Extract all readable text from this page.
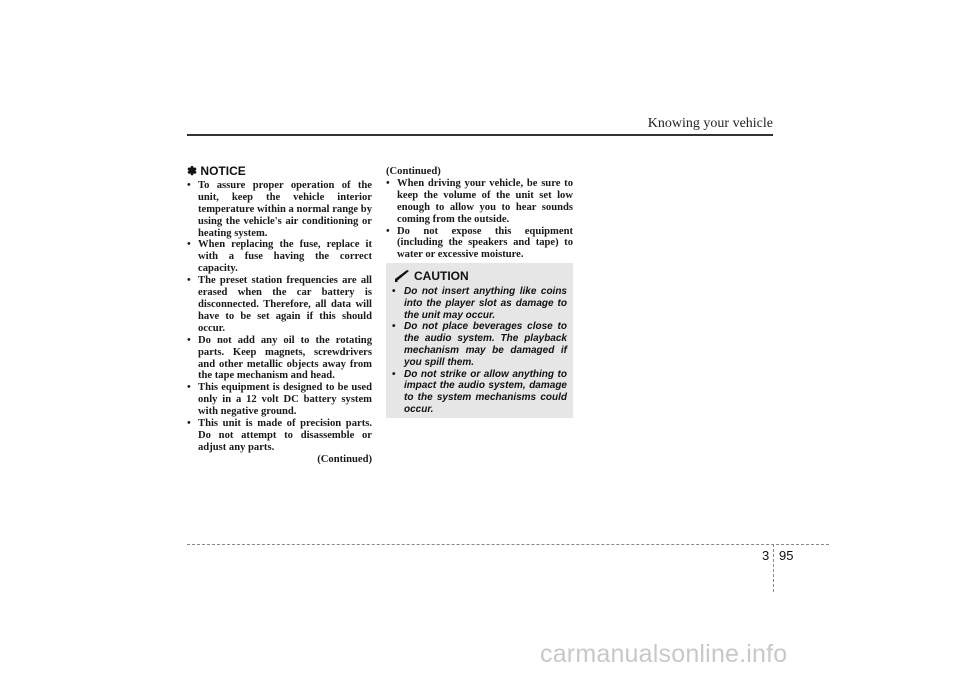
Knowing your vehicle
✽ NOTICE
• To assure proper operation of the unit, keep the vehicle interior temperature within a normal range by using the vehicle's air conditioning or heating system.
• When replacing the fuse, replace it with a fuse having the correct capacity.
• The preset station frequencies are all erased when the car battery is disconnected. Therefore, all data will have to be set again if this should occur.
• Do not add any oil to the rotating parts. Keep magnets, screwdrivers and other metallic objects away from the tape mechanism and head.
• This equipment is designed to be used only in a 12 volt DC battery system with negative ground.
• This unit is made of precision parts. Do not attempt to disassemble or adjust any parts.
(Continued)
(Continued)
• When driving your vehicle, be sure to keep the volume of the unit set low enough to allow you to hear sounds coming from the outside.
• Do not expose this equipment (including the speakers and tape) to water or excessive moisture.
CAUTION
• Do not insert anything like coins into the player slot as damage to the unit may occur.
• Do not place beverages close to the audio system. The playback mechanism may be damaged if you spill them.
• Do not strike or allow anything to impact the audio system, damage to the system mechanisms could occur.
3 95
carmanualsonline.info
